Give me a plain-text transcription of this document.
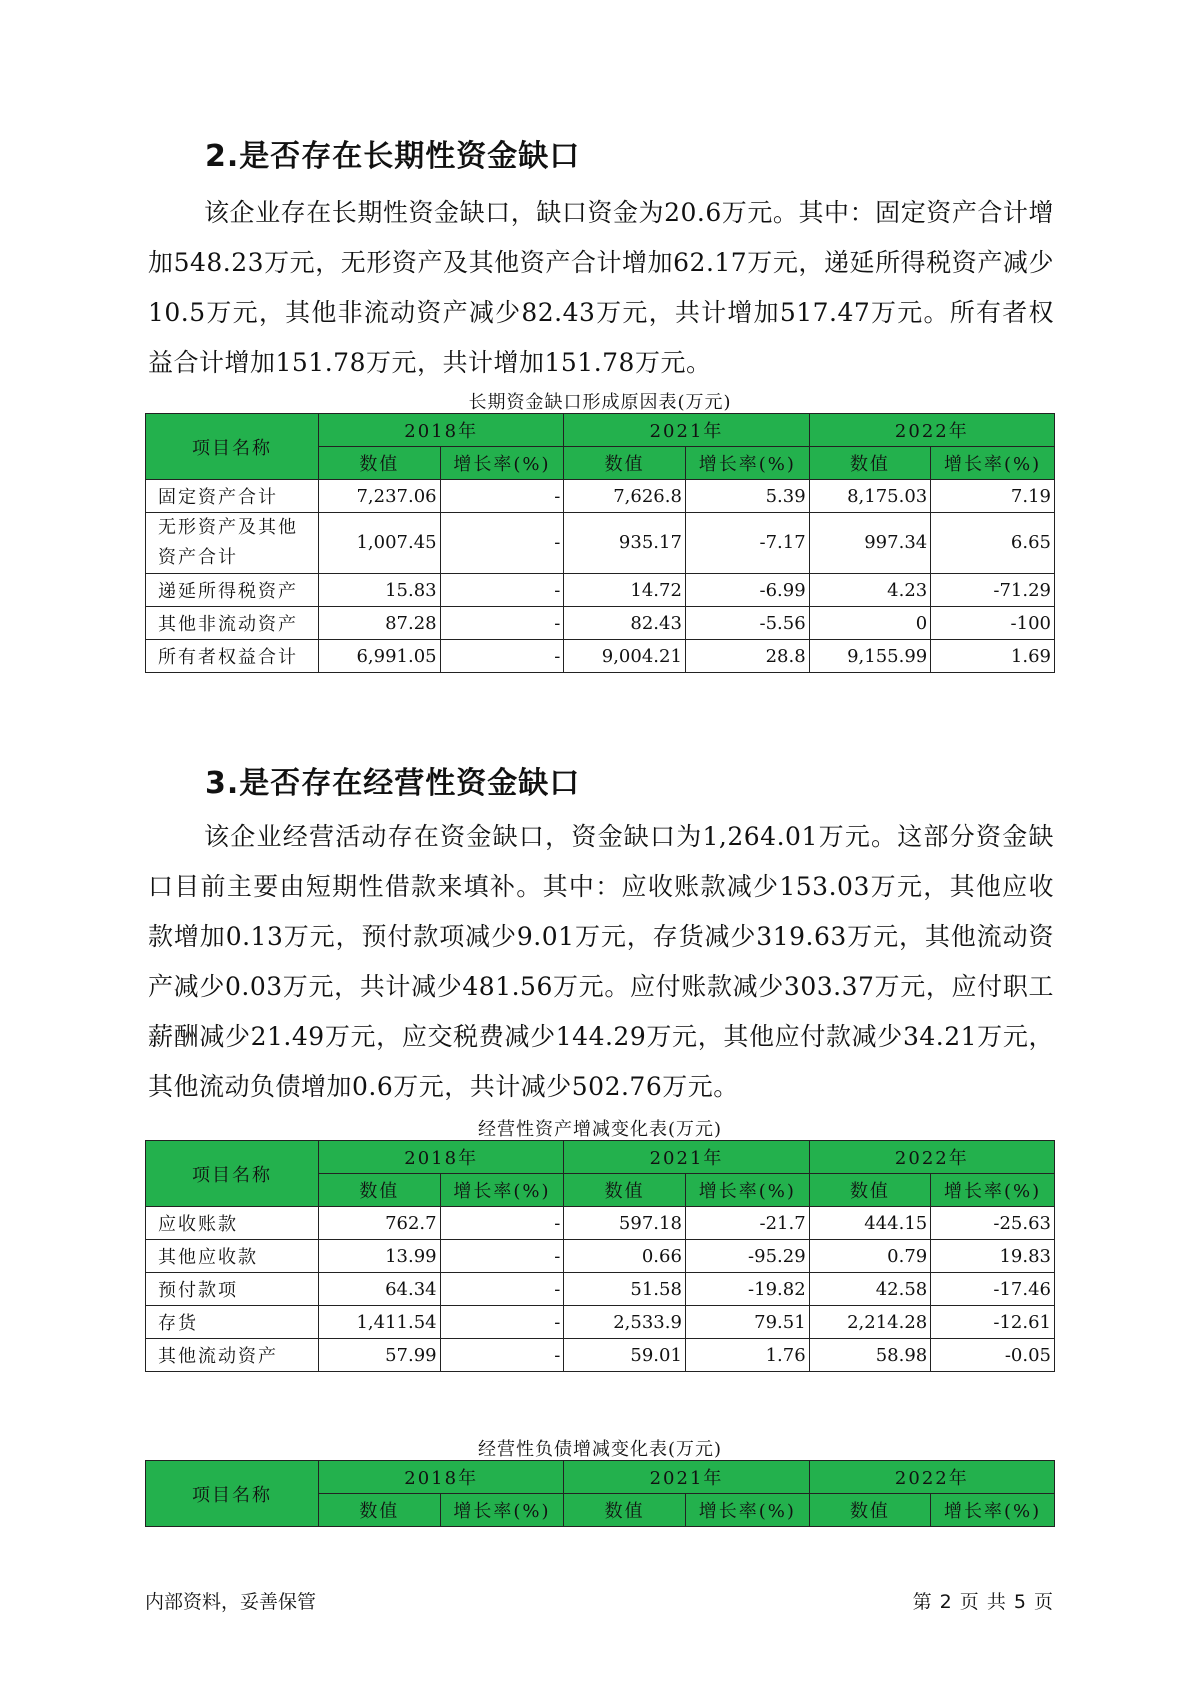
2.是否存在长期性资金缺口

该企业存在长期性资金缺口，缺口资金为20.6万元。其中：固定资产合计增加548.23万元，无形资产及其他资产合计增加62.17万元，递延所得税资产减少10.5万元，其他非流动资产减少82.43万元，共计增加517.47万元。所有者权益合计增加151.78万元，共计增加151.78万元。

长期资金缺口形成原因表(万元)
项目名称	2018年		2021年		2022年	
	数值	增长率(%)	数值	增长率(%)	数值	增长率(%)
固定资产合计	7,237.06	-	7,626.8	5.39	8,175.03	7.19
无形资产及其他资产合计	1,007.45	-	935.17	-7.17	997.34	6.65
递延所得税资产	15.83	-	14.72	-6.99	4.23	-71.29
其他非流动资产	87.28	-	82.43	-5.56	0	-100
所有者权益合计	6,991.05	-	9,004.21	28.8	9,155.99	1.69
3.是否存在经营性资金缺口

该企业经营活动存在资金缺口，资金缺口为1,264.01万元。这部分资金缺口目前主要由短期性借款来填补。其中：应收账款减少153.03万元，其他应收款增加0.13万元，预付款项减少9.01万元，存货减少319.63万元，其他流动资产减少0.03万元，共计减少481.56万元。应付账款减少303.37万元，应付职工薪酬减少21.49万元，应交税费减少144.29万元，其他应付款减少34.21万元，其他流动负债增加0.6万元，共计减少502.76万元。

经营性资产增减变化表(万元)
项目名称	2018年		2021年		2022年	
	数值	增长率(%)	数值	增长率(%)	数值	增长率(%)
应收账款	762.7	-	597.18	-21.7	444.15	-25.63
其他应收款	13.99	-	0.66	-95.29	0.79	19.83
预付款项	64.34	-	51.58	-19.82	42.58	-17.46
存货	1,411.54	-	2,533.9	79.51	2,214.28	-12.61
其他流动资产	57.99	-	59.01	1.76	58.98	-0.05
经营性负债增减变化表(万元)
项目名称	2018年		2021年		2022年	
	数值	增长率(%)	数值	增长率(%)	数值	增长率(%)
内部资料，妥善保管	第 2 页 共 5 页
